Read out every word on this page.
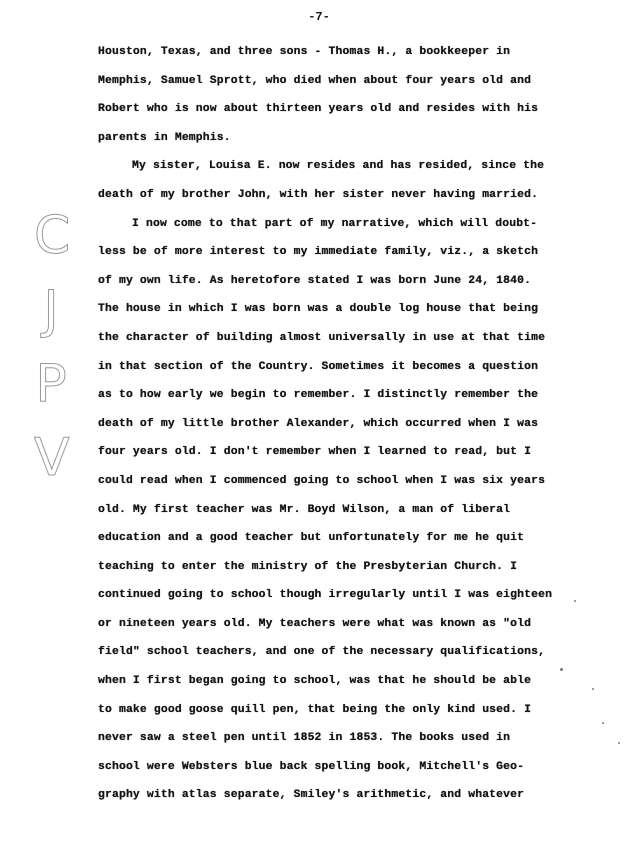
-7-
C
J
P
V
Houston, Texas, and three sons - Thomas H., a bookkeeper in
Memphis, Samuel Sprott, who died when about four years old and
Robert who is now about thirteen years old and resides with his
parents in Memphis.
My sister, Louisa E. now resides and has resided, since the
death of my brother John, with her sister never having married.
I now come to that part of my narrative, which will doubt-
less be of more interest to my immediate family, viz., a sketch
of my own life. As heretofore stated I was born June 24, 1840.
The house in which I was born was a double log house that being
the character of building almost universally in use at that time
in that section of the Country. Sometimes it becomes a question
as to how early we begin to remember. I distinctly remember the
death of my little brother Alexander, which occurred when I was
four years old. I don't remember when I learned to read, but I
could read when I commenced going to school when I was six years
old. My first teacher was Mr. Boyd Wilson, a man of liberal
education and a good teacher but unfortunately for me he quit
teaching to enter the ministry of the Presbyterian Church. I
continued going to school though irregularly until I was eighteen
or nineteen years old. My teachers were what was known as "old
field" school teachers, and one of the necessary qualifications,
when I first began going to school, was that he should be able
to make good goose quill pen, that being the only kind used. I
never saw a steel pen until 1852 in 1853. The books used in
school were Websters blue back spelling book, Mitchell's Geo-
graphy with atlas separate, Smiley's arithmetic, and whatever
